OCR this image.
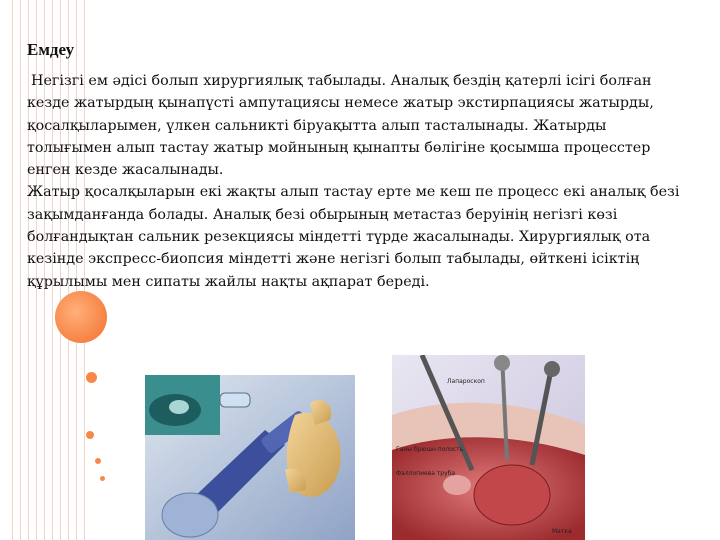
Емдеу

Негізгі ем әдісі болып хирургиялық табылады. Аналық бездің қатерлі ісігі болған кезде жатырдың қынапүсті ампутациясы немесе жатыр экстирпациясы жатырды, қосалқыларымен, үлкен сальникті біруақытта алып тасталынады. Жатырды толығымен алып тастау жатыр мойнының қынапты бөлігіне қосымша процесстер енген кезде жасалынады.

Жатыр қосалқыларын екі жақты алып тастау ерте ме кеш пе процесс екі аналық безі зақымданғанда болады. Аналық безі обырының метастаз беруінің негізгі көзі болғандықтан сальник резекциясы міндетті түрде жасалынады. Хирургиялық ота кезінде экспресс-биопсия міндетті және негізгі болып табылады, өйткені ісіктің құрылымы мен сипаты жайлы нақты ақпарат береді.

Лапароскоп
Ганы брюшн полость
Фаллопиева труба
Матка
